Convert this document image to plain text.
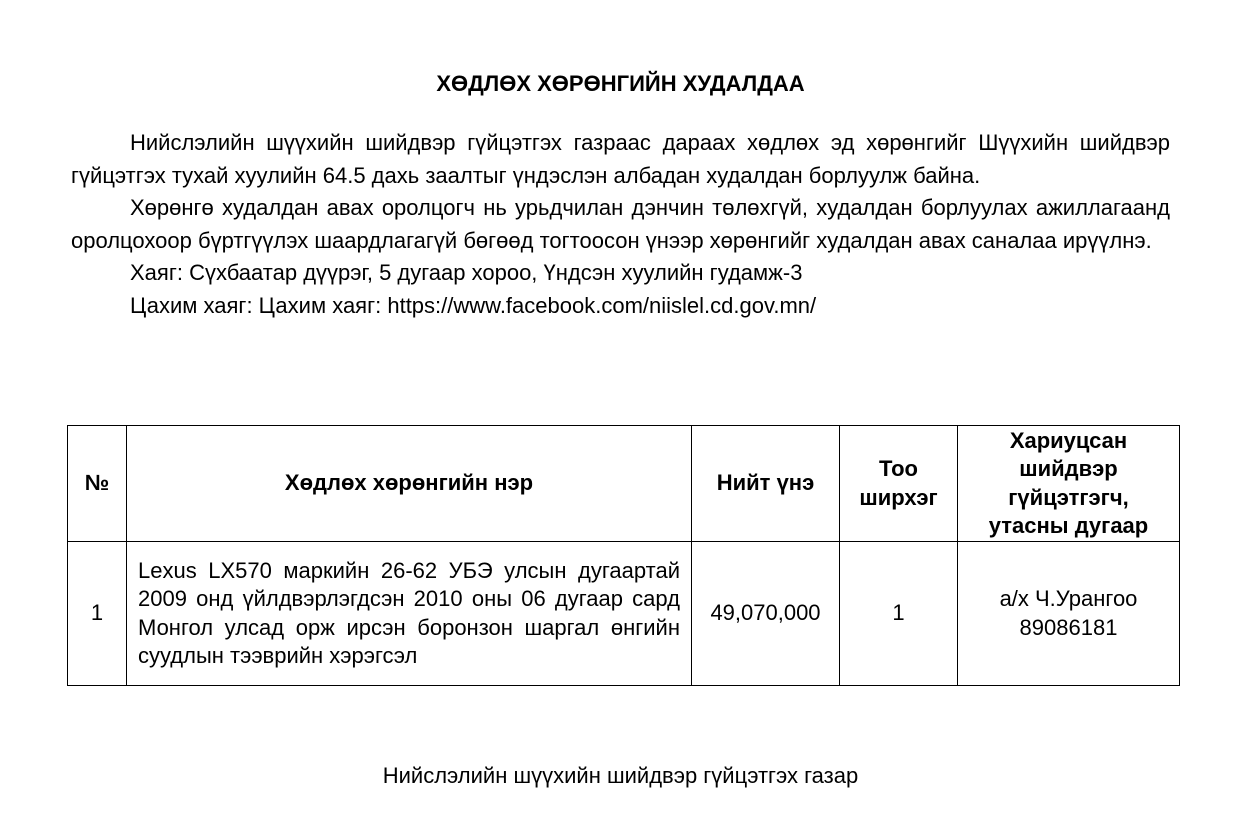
ХӨДЛӨХ ХӨРӨНГИЙН ХУДАЛДАА

Нийслэлийн шүүхийн шийдвэр гүйцэтгэх газраас дараах хөдлөх эд хөрөнгийг Шүүхийн шийдвэр гүйцэтгэх тухай хуулийн 64.5 дахь заалтыг үндэслэн албадан худалдан борлуулж байна.

Хөрөнгө худалдан авах оролцогч нь урьдчилан дэнчин төлөхгүй, худалдан борлуулах ажиллагаанд оролцохоор бүртгүүлэх шаардлагагүй бөгөөд тогтоосон үнээр хөрөнгийг худалдан авах саналаа ирүүлнэ.

Хаяг: Сүхбаатар дүүрэг, 5 дугаар хороо, Үндсэн хуулийн гудамж-3

Цахим хаяг: Цахим хаяг: https://www.facebook.com/niislel.cd.gov.mn/

№	Хөдлөх хөрөнгийн нэр	Нийт үнэ	Тоо ширхэг	Хариуцсан шийдвэр гүйцэтгэгч, утасны дугаар
1	Lexus LX570 маркийн 26-62 УБЭ улсын дугаартай 2009 онд үйлдвэрлэгдсэн 2010 оны 06 дугаар сард Монгол улсад орж ирсэн боронзон шаргал өнгийн суудлын тээврийн хэрэгсэл	49,070,000	1	а/х Ч.Урангоо
89086181
Нийслэлийн шүүхийн шийдвэр гүйцэтгэх газар
